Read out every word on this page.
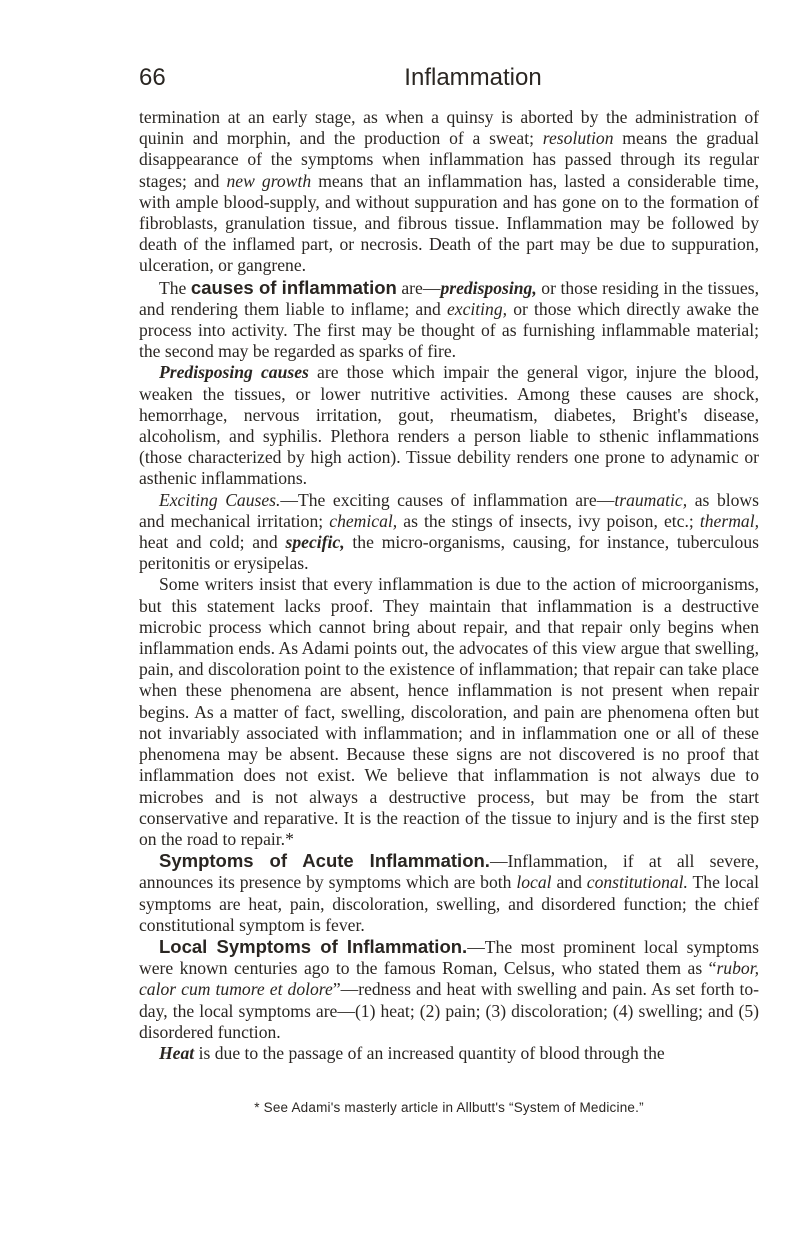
66	Inflammation

termination at an early stage, as when a quinsy is aborted by the administration of quinin and morphin, and the production of a sweat; resolution means the gradual disappearance of the symptoms when inflammation has passed through its regular stages; and new growth means that an inflammation has, lasted a considerable time, with ample blood-supply, and without suppuration and has gone on to the formation of fibroblasts, granulation tissue, and fibrous tissue. Inflammation may be followed by death of the inflamed part, or necrosis. Death of the part may be due to suppuration, ulceration, or gangrene.

The causes of inflammation are—predisposing, or those residing in the tissues, and rendering them liable to inflame; and exciting, or those which directly awake the process into activity. The first may be thought of as furnishing inflammable material; the second may be regarded as sparks of fire.

Predisposing causes are those which impair the general vigor, injure the blood, weaken the tissues, or lower nutritive activities. Among these causes are shock, hemorrhage, nervous irritation, gout, rheumatism, diabetes, Bright's disease, alcoholism, and syphilis. Plethora renders a person liable to sthenic inflammations (those characterized by high action). Tissue debility renders one prone to adynamic or asthenic inflammations.

Exciting Causes.—The exciting causes of inflammation are—traumatic, as blows and mechanical irritation; chemical, as the stings of insects, ivy poison, etc.; thermal, heat and cold; and specific, the micro-organisms, causing, for instance, tuberculous peritonitis or erysipelas.

Some writers insist that every inflammation is due to the action of microorganisms, but this statement lacks proof. They maintain that inflammation is a destructive microbic process which cannot bring about repair, and that repair only begins when inflammation ends. As Adami points out, the advocates of this view argue that swelling, pain, and discoloration point to the existence of inflammation; that repair can take place when these phenomena are absent, hence inflammation is not present when repair begins. As a matter of fact, swelling, discoloration, and pain are phenomena often but not invariably associated with inflammation; and in inflammation one or all of these phenomena may be absent. Because these signs are not discovered is no proof that inflammation does not exist. We believe that inflammation is not always due to microbes and is not always a destructive process, but may be from the start conservative and reparative. It is the reaction of the tissue to injury and is the first step on the road to repair.*

Symptoms of Acute Inflammation.—Inflammation, if at all severe, announces its presence by symptoms which are both local and constitutional. The local symptoms are heat, pain, discoloration, swelling, and disordered function; the chief constitutional symptom is fever.

Local Symptoms of Inflammation.—The most prominent local symptoms were known centuries ago to the famous Roman, Celsus, who stated them as “rubor, calor cum tumore et dolore”—redness and heat with swelling and pain. As set forth to-day, the local symptoms are—(1) heat; (2) pain; (3) discoloration; (4) swelling; and (5) disordered function.

Heat is due to the passage of an increased quantity of blood through the

* See Adami's masterly article in Allbutt's “System of Medicine.”
